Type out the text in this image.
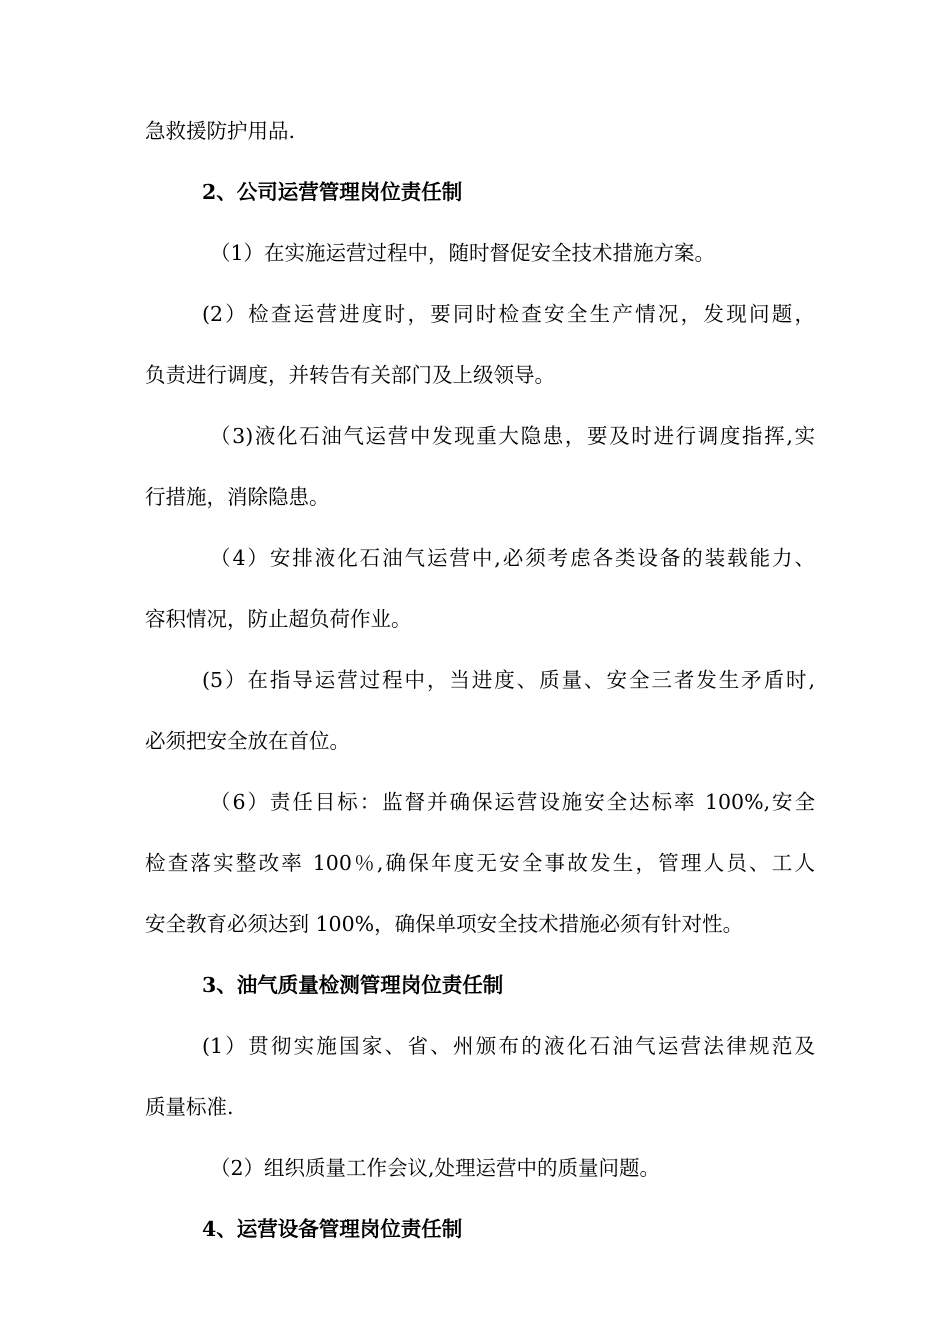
急救援防护用品.
2、公司运营管理岗位责任制
（1）在实施运营过程中，随时督促安全技术措施方案。
(2）检查运营进度时，要同时检查安全生产情况，发现问题，
负责进行调度，并转告有关部门及上级领导。
（3)液化石油气运营中发现重大隐患，要及时进行调度指挥,实
行措施，消除隐患。
（4）安排液化石油气运营中,必须考虑各类设备的装载能力、
容积情况，防止超负荷作业。
(5）在指导运营过程中，当进度、质量、安全三者发生矛盾时,
必须把安全放在首位。
（6）责任目标：监督并确保运营设施安全达标率 100%,安全
检查落实整改率 100％,确保年度无安全事故发生，管理人员、工人
安全教育必须达到 100%，确保单项安全技术措施必须有针对性。
3、油气质量检测管理岗位责任制
(1）贯彻实施国家、省、州颁布的液化石油气运营法律规范及
质量标准.
（2）组织质量工作会议,处理运营中的质量问题。
4、运营设备管理岗位责任制
